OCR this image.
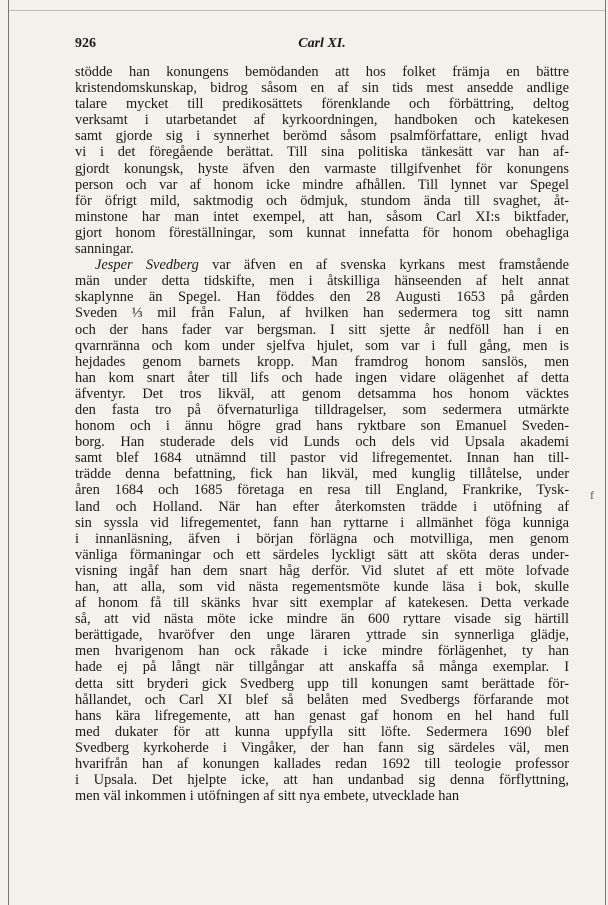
926	Carl XI.
stödde han konungens bemödanden att hos folket främja en bättre
kristendomskunskap, bidrog såsom en af sin tids mest ansedde andlige
talare mycket till predikosättets förenklande och förbättring, deltog
verksamt i utarbetandet af kyrkoordningen, handboken och katekesen
samt gjorde sig i synnerhet berömd såsom psalmförfattare, enligt hvad
vi i det föregående berättat. Till sina politiska tänkesätt var han af-
gjordt konungsk, hyste äfven den varmaste tillgifvenhet för konungens
person och var af honom icke mindre afhållen. Till lynnet var Spegel
för öfrigt mild, saktmodig och ödmjuk, stundom ända till svaghet, åt-
minstone har man intet exempel, att han, såsom Carl XI:s biktfader,
gjort honom föreställningar, som kunnat innefatta för honom obehagliga
sanningar.
Jesper Svedberg var äfven en af svenska kyrkans mest framstående
män under detta tidskifte, men i åtskilliga hänseenden af helt annat
skaplynne än Spegel. Han föddes den 28 Augusti 1653 på gården
Sveden ⅓ mil från Falun, af hvilken han sedermera tog sitt namn
och der hans fader var bergsman. I sitt sjette år nedföll han i en
qvarnränna och kom under sjelfva hjulet, som var i full gång, men is
hejdades genom barnets kropp. Man framdrog honom sanslös, men
han kom snart åter till lifs och hade ingen vidare olägenhet af detta
äfventyr. Det tros likväl, att genom detsamma hos honom väcktes
den fasta tro på öfvernaturliga tilldragelser, som sedermera utmärkte
honom och i ännu högre grad hans ryktbare son Emanuel Sveden-
borg. Han studerade dels vid Lunds och dels vid Upsala akademi
samt blef 1684 utnämnd till pastor vid lifregementet. Innan han till-
trädde denna befattning, fick han likväl, med kunglig tillåtelse, under
åren 1684 och 1685 företaga en resa till England, Frankrike, Tysk-
land och Holland. När han efter återkomsten trädde i utöfning af
sin syssla vid lifregementet, fann han ryttarne i allmänhet föga kunniga
i innanläsning, äfven i början förlägna och motvilliga, men genom
vänliga förmaningar och ett särdeles lyckligt sätt att sköta deras under-
visning ingåf han dem snart håg derför. Vid slutet af ett möte lofvade
han, att alla, som vid nästa regementsmöte kunde läsa i bok, skulle
af honom få till skänks hvar sitt exemplar af katekesen. Detta verkade
så, att vid nästa möte icke mindre än 600 ryttare visade sig härtill
berättigade, hvaröfver den unge läraren yttrade sin synnerliga glädje,
men hvarigenom han ock råkade i icke mindre förlägenhet, ty han
hade ej på långt när tillgångar att anskaffa så många exemplar. I
detta sitt bryderi gick Svedberg upp till konungen samt berättade för-
hållandet, och Carl XI blef så belåten med Svedbergs förfarande mot
hans kära lifregemente, att han genast gaf honom en hel hand full
med dukater för att kunna uppfylla sitt löfte. Sedermera 1690 blef
Svedberg kyrkoherde i Vingåker, der han fann sig särdeles väl, men
hvarifrån han af konungen kallades redan 1692 till teologie professor
i Upsala. Det hjelpte icke, att han undanbad sig denna förflyttning,
men väl inkommen i utöfningen af sitt nya embete, utvecklade han
f
